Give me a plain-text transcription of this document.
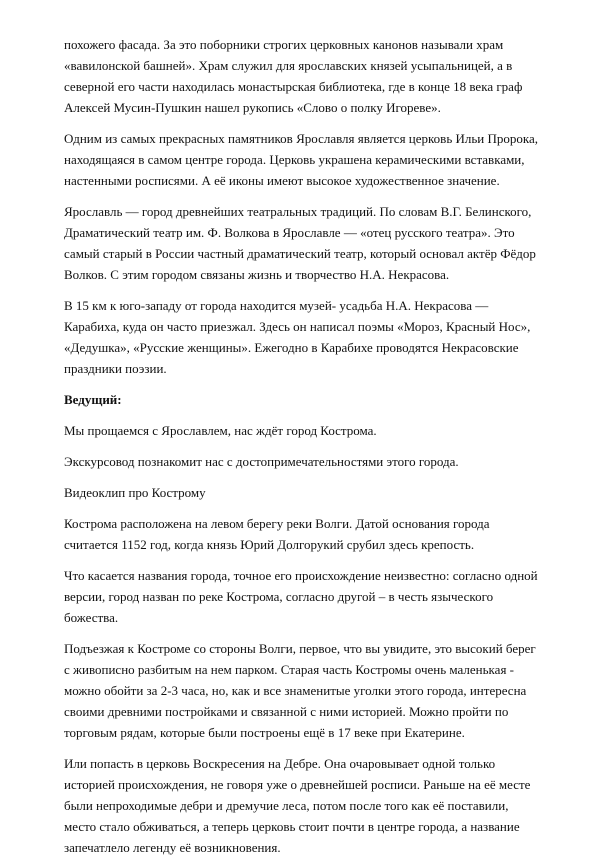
похожего фасада. За это поборники строгих церковных канонов называли храм «вавилонской башней». Храм служил для ярославских князей усыпальницей, а в северной его части находилась монастырская библиотека, где в конце 18 века граф Алексей Мусин-Пушкин нашел рукопись «Слово о полку Игореве».

Одним из самых прекрасных памятников Ярославля является церковь Ильи Пророка, находящаяся в самом центре города. Церковь украшена керамическими вставками, настенными росписями. А её иконы имеют высокое художественное значение.

Ярославль — город древнейших театральных традиций. По словам В.Г. Белинского, Драматический театр им. Ф. Волкова в Ярославле — «отец русского театра». Это самый старый в России частный драматический театр, который основал актёр Фёдор Волков. С этим городом связаны жизнь и творчество Н.А. Некрасова.

В 15 км к юго-западу от города находится музей- усадьба Н.А. Некрасова — Карабиха, куда он часто приезжал. Здесь он написал поэмы «Мороз, Красный Нос», «Дедушка», «Русские женщины». Ежегодно в Карабихе проводятся Некрасовские праздники поэзии.

Ведущий:

Мы прощаемся с Ярославлем, нас ждёт город Кострома.

Экскурсовод познакомит нас с достопримечательностями этого города.

Видеоклип про Кострому

Кострома расположена на левом берегу реки Волги. Датой основания города считается 1152 год, когда князь Юрий Долгорукий срубил здесь крепость.

Что касается названия города, точное его происхождение неизвестно: согласно одной версии, город назван по реке Кострома, согласно другой – в честь языческого божества.

Подъезжая к Костроме со стороны Волги, первое, что вы увидите, это высокий берег с живописно разбитым на нем парком. Старая часть Костромы очень маленькая - можно обойти за 2-3 часа, но, как и все знаменитые уголки этого города, интересна своими древними постройками и связанной с ними историей. Можно пройти по торговым рядам, которые были построены ещё в 17 веке при Екатерине.

Или попасть в церковь Воскресения на Дебре. Она очаровывает одной только историей происхождения, не говоря уже о древнейшей росписи. Раньше на её месте были непроходимые дебри и дремучие леса, потом после того как её поставили, место стало обживаться, а теперь церковь стоит почти в центре города, а название запечатлело легенду её возникновения.
